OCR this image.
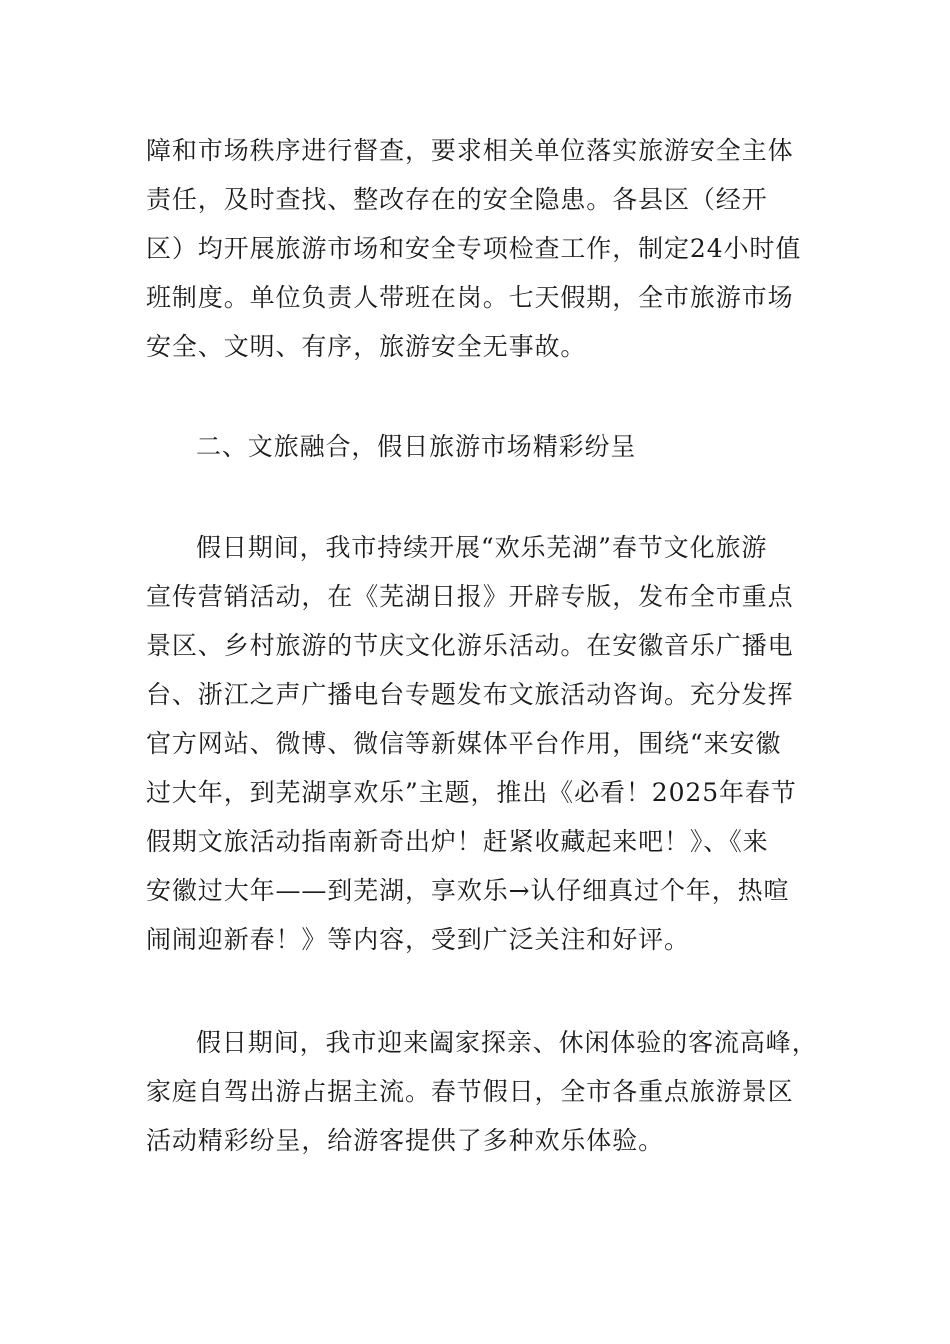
障和市场秩序进行督查，要求相关单位落实旅游安全主体
责任，及时查找、整改存在的安全隐患。各县区（经开
区）均开展旅游市场和安全专项检查工作，制定24小时值
班制度。单位负责人带班在岗。七天假期，全市旅游市场
安全、文明、有序，旅游安全无事故。
二、文旅融合，假日旅游市场精彩纷呈
假日期间，我市持续开展“欢乐芜湖”春节文化旅游
宣传营销活动，在《芜湖日报》开辟专版，发布全市重点
景区、乡村旅游的节庆文化游乐活动。在安徽音乐广播电
台、浙江之声广播电台专题发布文旅活动咨询。充分发挥
官方网站、微博、微信等新媒体平台作用，围绕“来安徽
过大年，到芜湖享欢乐”主题，推出《必看！2025年春节
假期文旅活动指南新奇出炉！赶紧收藏起来吧！》、《来
安徽过大年——到芜湖，享欢乐→认仔细真过个年，热喧
闹闹迎新春！》等内容，受到广泛关注和好评。
假日期间，我市迎来阖家探亲、休闲体验的客流高峰，
家庭自驾出游占据主流。春节假日，全市各重点旅游景区
活动精彩纷呈，给游客提供了多种欢乐体验。
